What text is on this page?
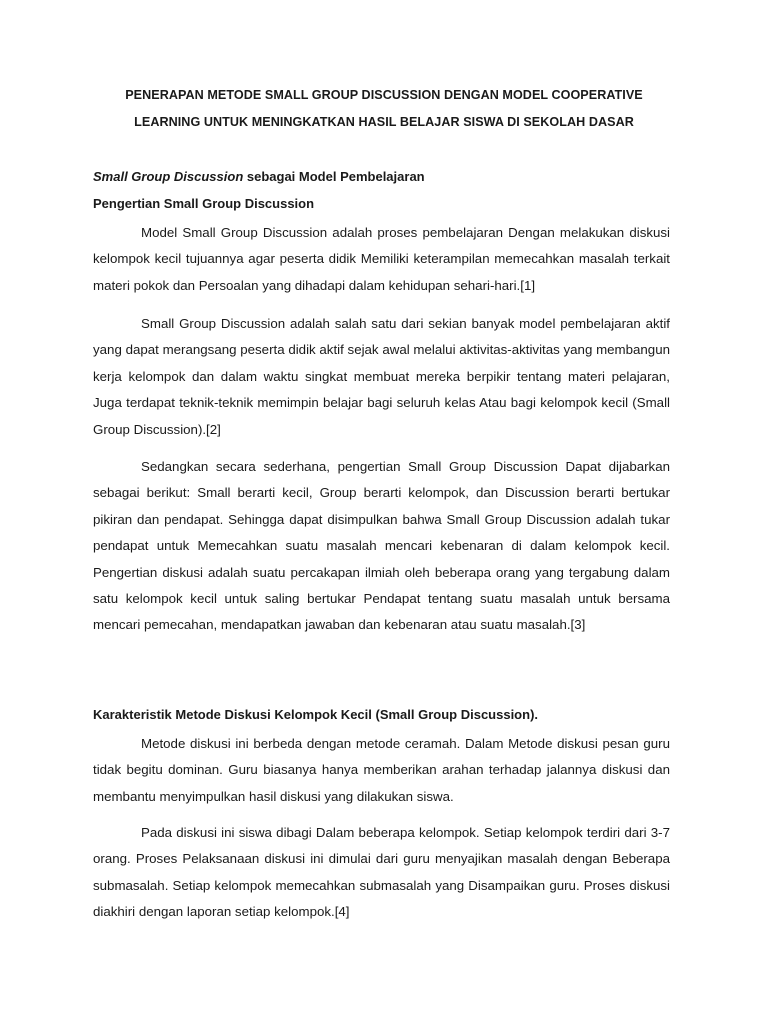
PENERAPAN METODE SMALL GROUP DISCUSSION DENGAN MODEL COOPERATIVE
LEARNING UNTUK MENINGKATKAN HASIL BELAJAR SISWA DI SEKOLAH DASAR
Small Group Discussion sebagai Model Pembelajaran
Pengertian Small Group Discussion

Model Small Group Discussion adalah proses pembelajaran Dengan melakukan diskusi kelompok kecil tujuannya agar peserta didik Memiliki keterampilan memecahkan masalah terkait materi pokok dan Persoalan yang dihadapi dalam kehidupan sehari-hari.[1]

Small Group Discussion adalah salah satu dari sekian banyak model pembelajaran aktif yang dapat merangsang peserta didik aktif sejak awal melalui aktivitas-aktivitas yang membangun kerja kelompok dan dalam waktu singkat membuat mereka berpikir tentang materi pelajaran, Juga terdapat teknik-teknik memimpin belajar bagi seluruh kelas Atau bagi kelompok kecil (Small Group Discussion).[2]

Sedangkan secara sederhana, pengertian Small Group Discussion Dapat dijabarkan sebagai berikut: Small berarti kecil, Group berarti kelompok, dan Discussion berarti bertukar pikiran dan pendapat. Sehingga dapat disimpulkan bahwa Small Group Discussion adalah tukar pendapat untuk Memecahkan suatu masalah mencari kebenaran di dalam kelompok kecil. Pengertian diskusi adalah suatu percakapan ilmiah oleh beberapa orang yang tergabung dalam satu kelompok kecil untuk saling bertukar Pendapat tentang suatu masalah untuk bersama mencari pemecahan, mendapatkan jawaban dan kebenaran atau suatu masalah.[3]

Karakteristik Metode Diskusi Kelompok Kecil (Small Group Discussion).

Metode diskusi ini berbeda dengan metode ceramah. Dalam Metode diskusi pesan guru tidak begitu dominan. Guru biasanya hanya memberikan arahan terhadap jalannya diskusi dan membantu menyimpulkan hasil diskusi yang dilakukan siswa.

Pada diskusi ini siswa dibagi Dalam beberapa kelompok. Setiap kelompok terdiri dari 3-7 orang. Proses Pelaksanaan diskusi ini dimulai dari guru menyajikan masalah dengan Beberapa submasalah. Setiap kelompok memecahkan submasalah yang Disampaikan guru. Proses diskusi diakhiri dengan laporan setiap kelompok.[4]
